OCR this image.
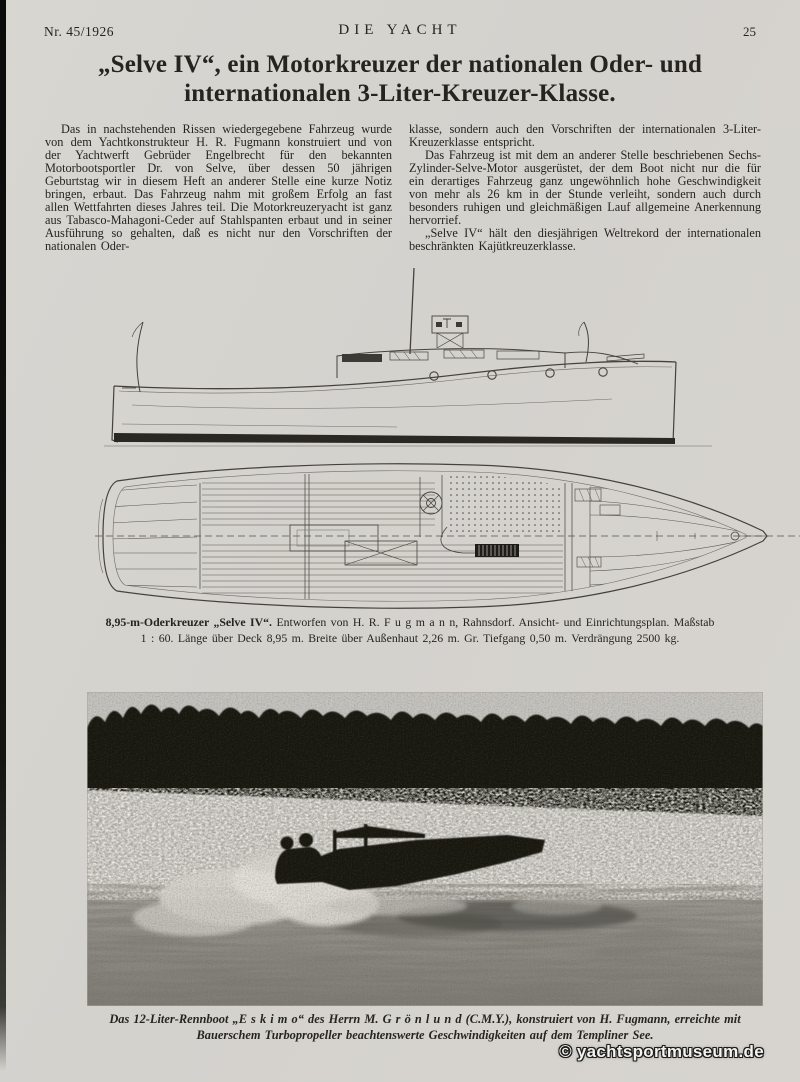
Nr. 45/1926	DIE YACHT	25
„Selve IV“, ein Motorkreuzer der nationalen Oder- und
internationalen 3-Liter-Kreuzer-Klasse.

Das in nachstehenden Rissen wiedergegebene Fahrzeug wurde von dem Yachtkonstrukteur H. R. Fugmann konstruiert und von der Yachtwerft Gebrüder Engelbrecht für den bekannten Motorbootsportler Dr. von Selve, über dessen 50 jährigen Geburtstag wir in diesem Heft an anderer Stelle eine kurze Notiz bringen, erbaut. Das Fahrzeug nahm mit großem Erfolg an fast allen Wettfahrten dieses Jahres teil. Die Motorkreuzeryacht ist ganz aus Tabasco-Mahagoni-Ceder auf Stahlspanten erbaut und in seiner Ausführung so gehalten, daß es nicht nur den Vorschriften der nationalen Oder-

klasse, sondern auch den Vorschriften der internationalen 3-Liter-Kreuzerklasse entspricht.

Das Fahrzeug ist mit dem an anderer Stelle beschriebenen Sechs-Zylinder-Selve-Motor ausgerüstet, der dem Boot nicht nur die für ein derartiges Fahrzeug ganz ungewöhnlich hohe Geschwindigkeit von mehr als 26 km in der Stunde verleiht, sondern auch durch besonders ruhigen und gleichmäßigen Lauf allgemeine Anerkennung hervorrief.

„Selve IV“ hält den diesjährigen Weltrekord der internationalen beschränkten Kajütkreuzerklasse.

8,95-m-Oderkreuzer „Selve IV“. Entworfen von H. R. F u g m a n n, Rahnsdorf. Ansicht- und Einrichtungsplan. Maßstab
1 : 60. Länge über Deck 8,95 m. Breite über Außenhaut 2,26 m. Gr. Tiefgang 0,50 m. Verdrängung 2500 kg.
Das 12-Liter-Rennboot „E s k i m o“ des Herrn M. G r ö n l u n d (C.M.Y.), konstruiert von H. Fugmann, erreichte mit
Bauerschem Turbopropeller beachtenswerte Geschwindigkeiten auf dem Templiner See.
© yachtsportmuseum.de
